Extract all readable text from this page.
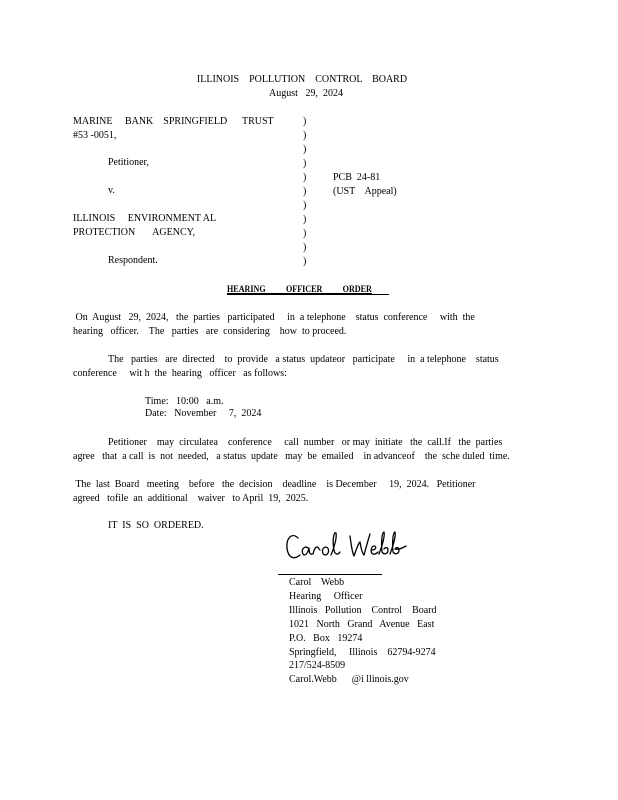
ILLINOIS    POLLUTION    CONTROL    BOARD
August   29,  2024
MARINE     BANK    SPRINGFIELD      TRUST
#53 -0051,
Petitioner,
v.
ILLINOIS     ENVIRONMENT AL
PROTECTION       AGENCY,
Respondent.
)
)
)
)
)
)
)
)
)
)
)
PCB  24-81
(UST    Appeal)
HEARING          OFFICER          ORDER
On  August   29,  2024,   the  parties   participated     in  a telephone    status  conference     with  the
hearing   officer.    The   parties   are  considering    how  to proceed.
The   parties   are  directed    to  provide   a status  updateor   participate     in  a telephone    status
conference     wit h  the  hearing   officer   as follows:
Time:   10:00   a.m.
Date:   November     7,  2024
Petitioner    may  circulatea    conference     call  number   or may  initiate   the  call.If   the  parties
agree   that  a call  is  not  needed,   a status  update   may  be  emailed    in advanceof    the  sche duled  time.
The  last  Board   meeting    before   the  decision    deadline    is December     19,  2024.   Petitioner
agreed   tofile  an  additional    waiver   to April  19,  2025.
IT  IS  SO  ORDERED.
Carol    Webb
Hearing     Officer
Illinois   Pollution    Control    Board
1021   North   Grand   Avenue   East
P.O.   Box   19274
Springfield,     Illinois    62794-9274
217/524-8509
Carol.Webb      @i llinois.gov
